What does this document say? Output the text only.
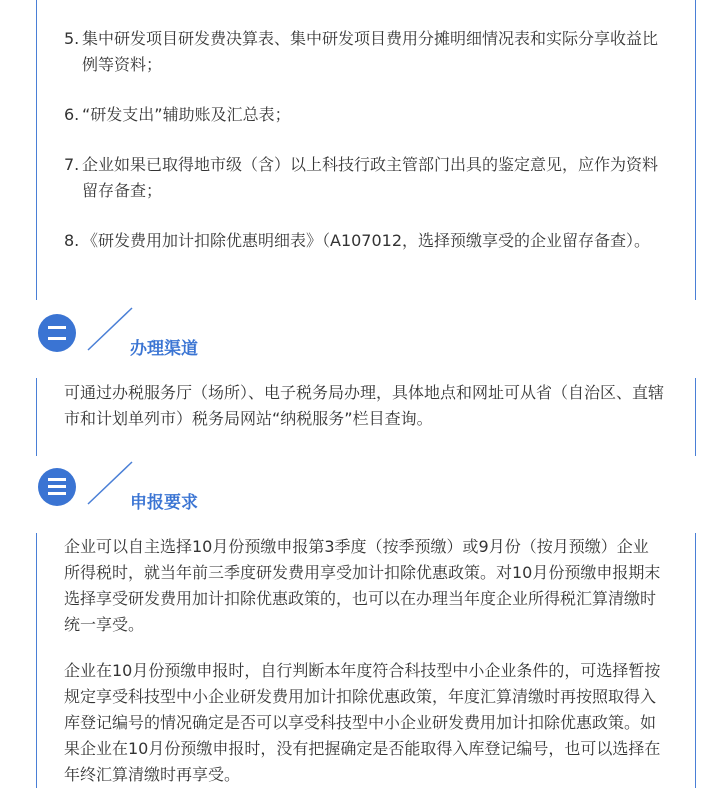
5. 集中研发项目研发费决算表、集中研发项目费用分摊明细情况表和实际分享收益比例等资料；
6. “研发支出”辅助账及汇总表；
7. 企业如果已取得地市级（含）以上科技行政主管部门出具的鉴定意见，应作为资料留存备查；
8. 《研发费用加计扣除优惠明细表》（A107012，选择预缴享受的企业留存备查）。
办理渠道

可通过办税服务厅（场所）、电子税务局办理，具体地点和网址可从省（自治区、直辖市和计划单列市）税务局网站“纳税服务”栏目查询。

申报要求

企业可以自主选择10月份预缴申报第3季度（按季预缴）或9月份（按月预缴）企业所得税时，就当年前三季度研发费用享受加计扣除优惠政策。对10月份预缴申报期末选择享受研发费用加计扣除优惠政策的，也可以在办理当年度企业所得税汇算清缴时统一享受。

企业在10月份预缴申报时，自行判断本年度符合科技型中小企业条件的，可选择暂按规定享受科技型中小企业研发费用加计扣除优惠政策，年度汇算清缴时再按照取得入库登记编号的情况确定是否可以享受科技型中小企业研发费用加计扣除优惠政策。如果企业在10月份预缴申报时，没有把握确定是否能取得入库登记编号，也可以选择在年终汇算清缴时再享受。
